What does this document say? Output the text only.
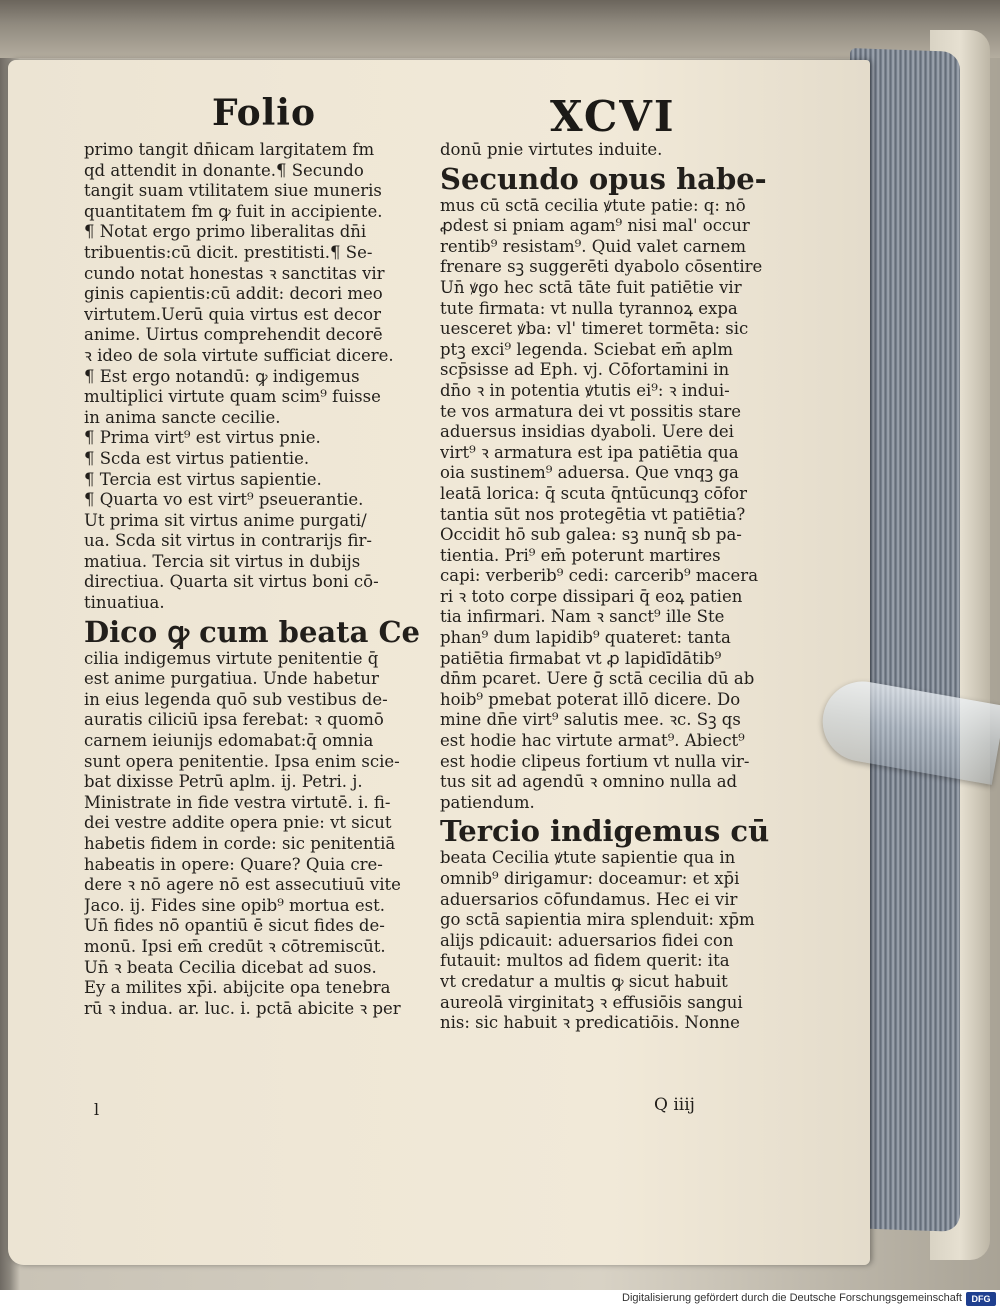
Folio	XCVI
primo tangit dn̄icam largitatem fm
qd attendit in donante.¶ Secundo
tangit suam vtilitatem siue muneris
quantitatem fm ꝙ fuit in accipiente.
¶ Notat ergo primo liberalitas dn̄i
tribuentis:cū dicit. prestitisti.¶ Se-
cundo notat honestas ꝛ sanctitas vir
ginis capientis:cū addit: decori meo
virtutem.Uerū quia virtus est decor
anime. Uirtus comprehendit decorē
ꝛ ideo de sola virtute sufficiat dicere.
¶ Est ergo notandū: ꝙ indigemus
multiplici virtute quam scim⁹ fuisse
in anima sancte cecilie.
¶ Prima virt⁹ est virtus pnie.
¶ Scd̄a est virtus patientie.
¶ Tercia est virtus sapientie.
¶ Quarta vo est virt⁹ pseuerantie.
Ut prima sit virtus anime purgati/
ua. Scd̄a sit virtus in contrarijs fir-
matiua. Tercia sit virtus in dubijs
directiua. Quarta sit virtus boni cō-
tinuatiua.
Dico ꝙ cum beata Ce
cilia indigemus virtute penitentie q̄
est anime purgatiua. Unde habetur
in eius legenda quō sub vestibus de-
auratis ciliciū ipsa ferebat: ꝛ quomō
carnem ieiunijs edomabat:q̄ omnia
sunt opera penitentie. Ipsa enim scie-
bat dixisse Petrū aplm. ij. Petri. j.
Ministrate in fide vestra virtutē. i. fi-
dei vestre addite opera pnie: vt sicut
habetis fidem in corde: sic penitentiā
habeatis in opere: Quare? Quia cre-
dere ꝛ nō agere nō est assecutiuū vite
Jaco. ij. Fides sine opib⁹ mortua est.
Un̄ fides nō opantiū ē sicut fides de-
monū. Ipsi em̄ credūt ꝛ cōtremiscūt.
Un̄ ꝛ beata Cecilia dicebat ad suos.
Ey a milites xp̄i. abijcite opa tenebra
rū ꝛ indua. ar. luc. i. pctā abicite ꝛ per
donū pnie virtutes induite.
Secundo opus habe-
mus cū sctā cecilia ꝟtute patie: q: nō
ꝓdest si pniam agam⁹ nisi mal' occur
rentib⁹ resistam⁹. Quid valet carnem
frenare sꝫ suggerēti dyabolo cōsentire
Un̄ ꝟgo hec sctā tāte fuit patiētie vir
tute firmata: vt nulla tyrannoꝝ expa
uesceret ꝟba: vl' timeret tormēta: sic
ptꝫ exci⁹ legenda. Sciebat em̄ aplm
scp̄sisse ad Eph. vj. Cōfortamini in
dn̄o ꝛ in potentia ꝟtutis ei⁹: ꝛ indui-
te vos armatura dei vt possitis stare
aduersus insidias dyaboli. Uere dei
virt⁹ ꝛ armatura est ipa patiētia qua
oia sustinem⁹ aduersa. Que vnqꝫ ga
leatā lorica: q̄ scuta q̄ntūcunqꝫ cōfor
tantia sūt nos protegētia vt patiētia?
Occidit hō sub galea: sꝫ nunq̄ sb pa-
tientia. Pri⁹ em̄ poterunt martires
capi: verberib⁹ cedi: carcerib⁹ macera
ri ꝛ toto corpe dissipari q̄ eoꝝ patien
tia infirmari. Nam ꝛ sanct⁹ ille Ste
phan⁹ dum lapidib⁹ quateret: tanta
patiētia firmabat vt ꝓ lapidīdātib⁹
dn̄m pcaret. Uere ḡ sctā cecilia dū ab
hoib⁹ pmebat poterat illō dicere. Do
mine dn̄e virt⁹ salutis mee. ꝛc. Sꝫ qs
est hodie hac virtute armat⁹. Abiect⁹
est hodie clipeus fortium vt nulla vir-
tus sit ad agendū ꝛ omnino nulla ad
patiendum.
Tercio indigemus cū
beata Cecilia ꝟtute sapientie qua in
omnib⁹ dirigamur: doceamur: et xp̄i
aduersarios cōfundamus. Hec ei vir
go sctā sapientia mira splenduit: xp̄m
alijs pdicauit: aduersarios fidei con
futauit: multos ad fidem querit: ita
vt credatur a multis ꝙ sicut habuit
aureolā virginitatꝫ ꝛ effusiōis sangui
nis: sic habuit ꝛ predicatiōis. Nonne
Q iiij
l
Digitalisierung gefördert durch die Deutsche Forschungsgemeinschaft	DFG
